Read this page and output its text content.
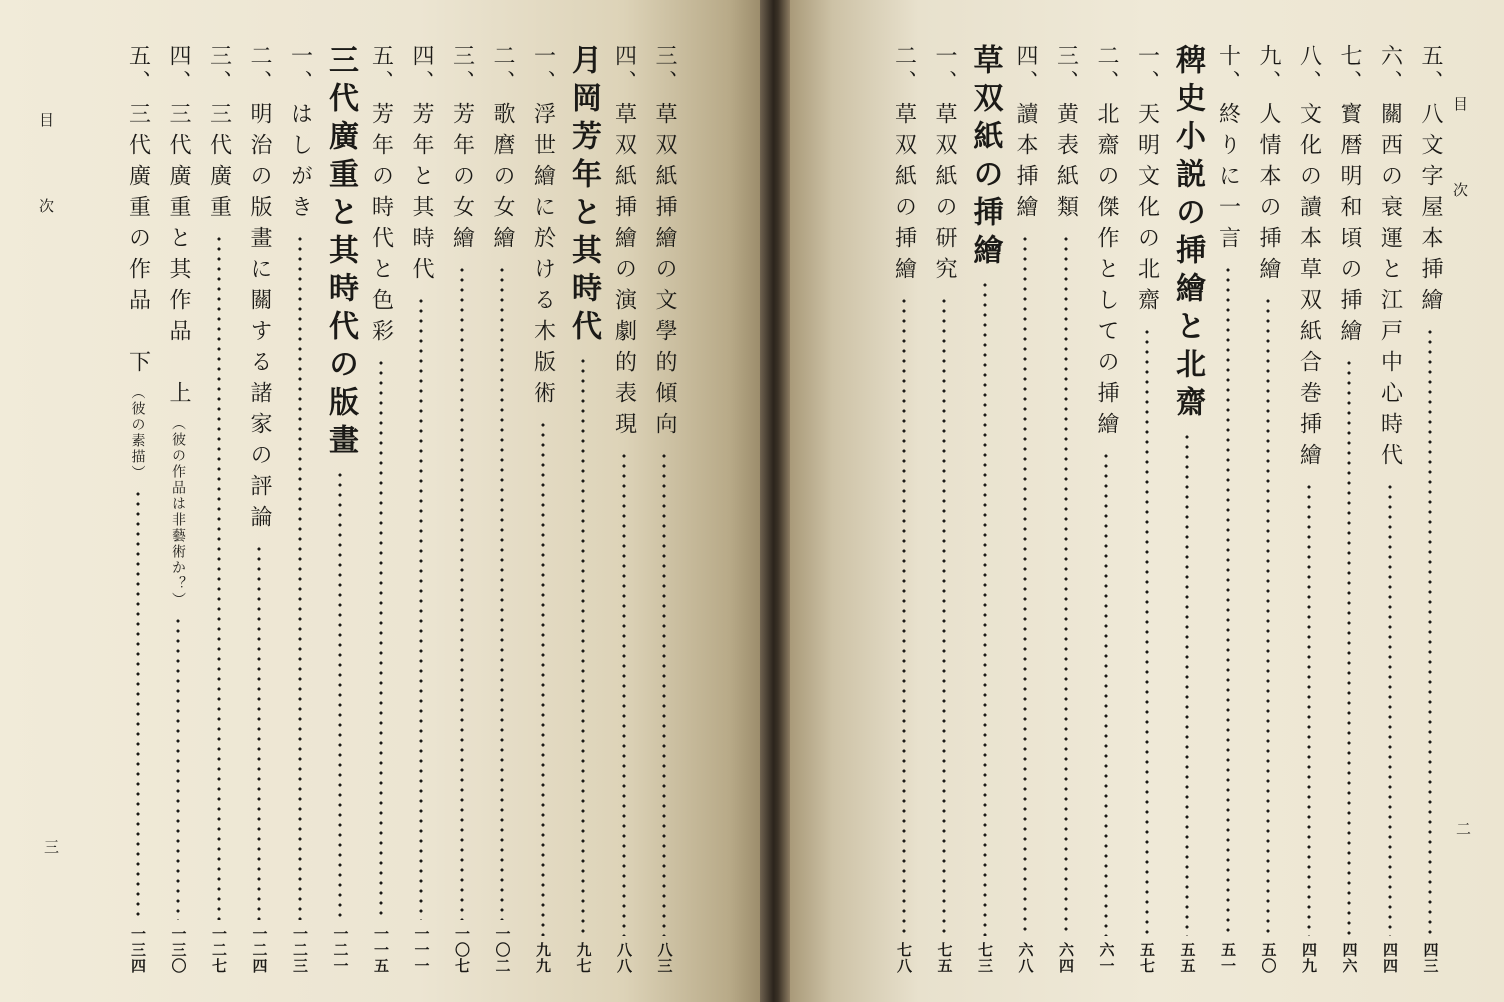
目　次
三
三、
草双紙挿繪の文學的傾向
八三
四、
草双紙挿繪の演劇的表現
八八
月岡芳年と其時代
九七
一、
浮世繪に於ける木版術
九九
二、
歌麿の女繪
一〇二
三、
芳年の女繪
一〇七
四、
芳年と其時代
一一一
五、
芳年の時代と色彩
一一五
三代廣重と其時代の版畫
一二一
一、
はしがき
一二三
二、
明治の版畫に關する諸家の評論
一二四
三、
三代廣重
一二七
四、
三代廣重と其作品　上
（彼の作品は非藝術か？）
一三〇
五、
三代廣重の作品　下
（彼の素描）
一三四
目　次
二
五、
八文字屋本挿繪
四三
六、
關西の衰運と江戸中心時代
四四
七、
寳暦明和頃の挿繪
四六
八、
文化の讀本草双紙合巻挿繪
四九
九、
人情本の挿繪
五〇
十、
終りに一言
五一
稗史小説の挿繪と北齋
五五
一、
天明文化の北齋
五七
二、
北齋の傑作としての挿繪
六一
三、
黄表紙類
六四
四、
讀本挿繪
六八
草双紙の挿繪
七三
一、
草双紙の研究
七五
二、
草双紙の挿繪
七八
